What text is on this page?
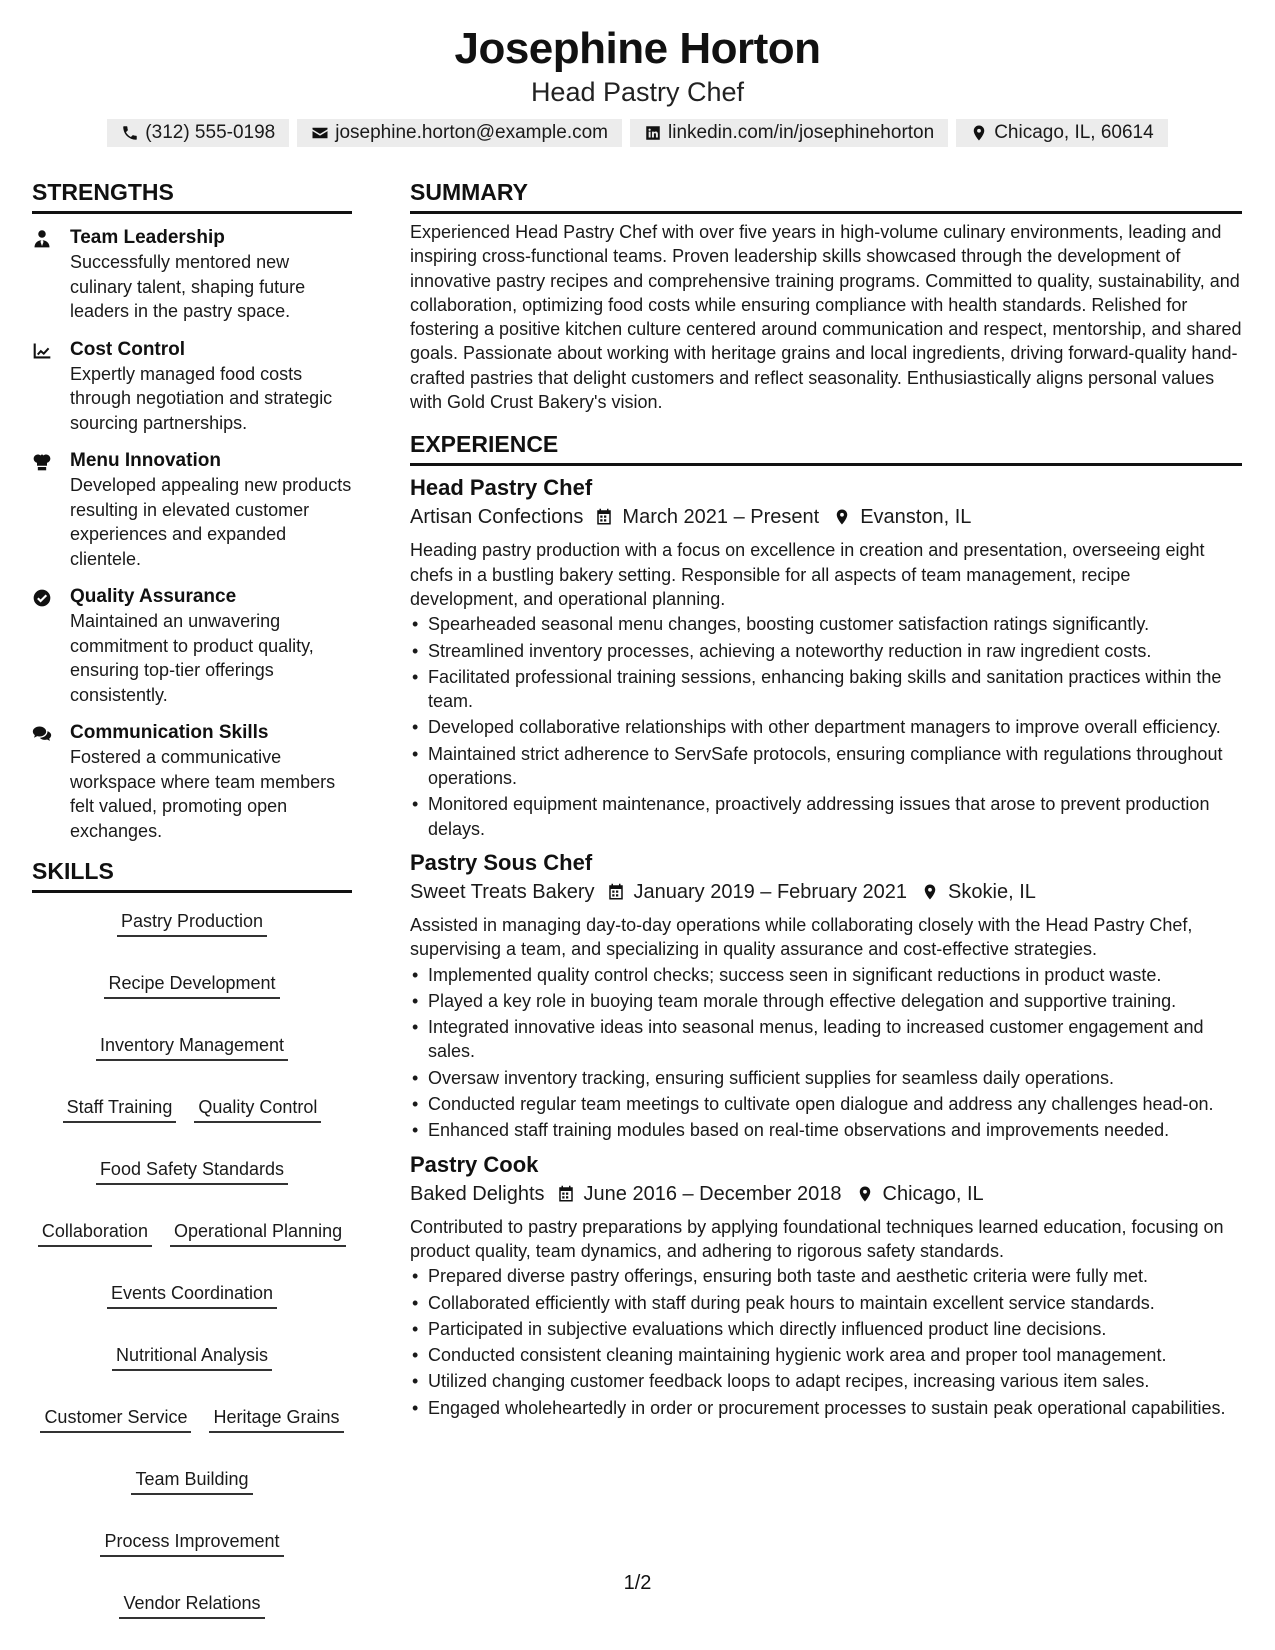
Josephine Horton
Head Pastry Chef
(312) 555-0198	josephine.horton@example.com	linkedin.com/in/josephinehorton	Chicago, IL, 60614
STRENGTHS
Team Leadership
Successfully mentored new culinary talent, shaping future leaders in the pastry space.
Cost Control
Expertly managed food costs through negotiation and strategic sourcing partnerships.
Menu Innovation
Developed appealing new products resulting in elevated customer experiences and expanded clientele.
Quality Assurance
Maintained an unwavering commitment to product quality, ensuring top-tier offerings consistently.
Communication Skills
Fostered a communicative workspace where team members felt valued, promoting open exchanges.
SKILLS
Pastry Production
Recipe Development
Inventory Management
Staff Training Quality Control
Food Safety Standards
Collaboration Operational Planning
Events Coordination
Nutritional Analysis
Customer Service Heritage Grains
Team Building
Process Improvement
Vendor Relations
SUMMARY
Experienced Head Pastry Chef with over five years in high-volume culinary environments, leading and inspiring cross-functional teams. Proven leadership skills showcased through the development of innovative pastry recipes and comprehensive training programs. Committed to quality, sustainability, and collaboration, optimizing food costs while ensuring compliance with health standards. Relished for fostering a positive kitchen culture centered around communication and respect, mentorship, and shared goals. Passionate about working with heritage grains and local ingredients, driving forward-quality hand-crafted pastries that delight customers and reflect seasonality. Enthusiastically aligns personal values with Gold Crust Bakery's vision.
EXPERIENCE
Head Pastry Chef
Artisan Confections March 2021 – Present Evanston, IL
Heading pastry production with a focus on excellence in creation and presentation, overseeing eight chefs in a bustling bakery setting. Responsible for all aspects of team management, recipe development, and operational planning.
• Spearheaded seasonal menu changes, boosting customer satisfaction ratings significantly.
• Streamlined inventory processes, achieving a noteworthy reduction in raw ingredient costs.
• Facilitated professional training sessions, enhancing baking skills and sanitation practices within the team.
• Developed collaborative relationships with other department managers to improve overall efficiency.
• Maintained strict adherence to ServSafe protocols, ensuring compliance with regulations throughout operations.
• Monitored equipment maintenance, proactively addressing issues that arose to prevent production delays.
Pastry Sous Chef
Sweet Treats Bakery January 2019 – February 2021 Skokie, IL
Assisted in managing day-to-day operations while collaborating closely with the Head Pastry Chef, supervising a team, and specializing in quality assurance and cost-effective strategies.
• Implemented quality control checks; success seen in significant reductions in product waste.
• Played a key role in buoying team morale through effective delegation and supportive training.
• Integrated innovative ideas into seasonal menus, leading to increased customer engagement and sales.
• Oversaw inventory tracking, ensuring sufficient supplies for seamless daily operations.
• Conducted regular team meetings to cultivate open dialogue and address any challenges head-on.
• Enhanced staff training modules based on real-time observations and improvements needed.
Pastry Cook
Baked Delights June 2016 – December 2018 Chicago, IL
Contributed to pastry preparations by applying foundational techniques learned education, focusing on product quality, team dynamics, and adhering to rigorous safety standards.
• Prepared diverse pastry offerings, ensuring both taste and aesthetic criteria were fully met.
• Collaborated efficiently with staff during peak hours to maintain excellent service standards.
• Participated in subjective evaluations which directly influenced product line decisions.
• Conducted consistent cleaning maintaining hygienic work area and proper tool management.
• Utilized changing customer feedback loops to adapt recipes, increasing various item sales.
• Engaged wholeheartedly in order or procurement processes to sustain peak operational capabilities.
1/2
